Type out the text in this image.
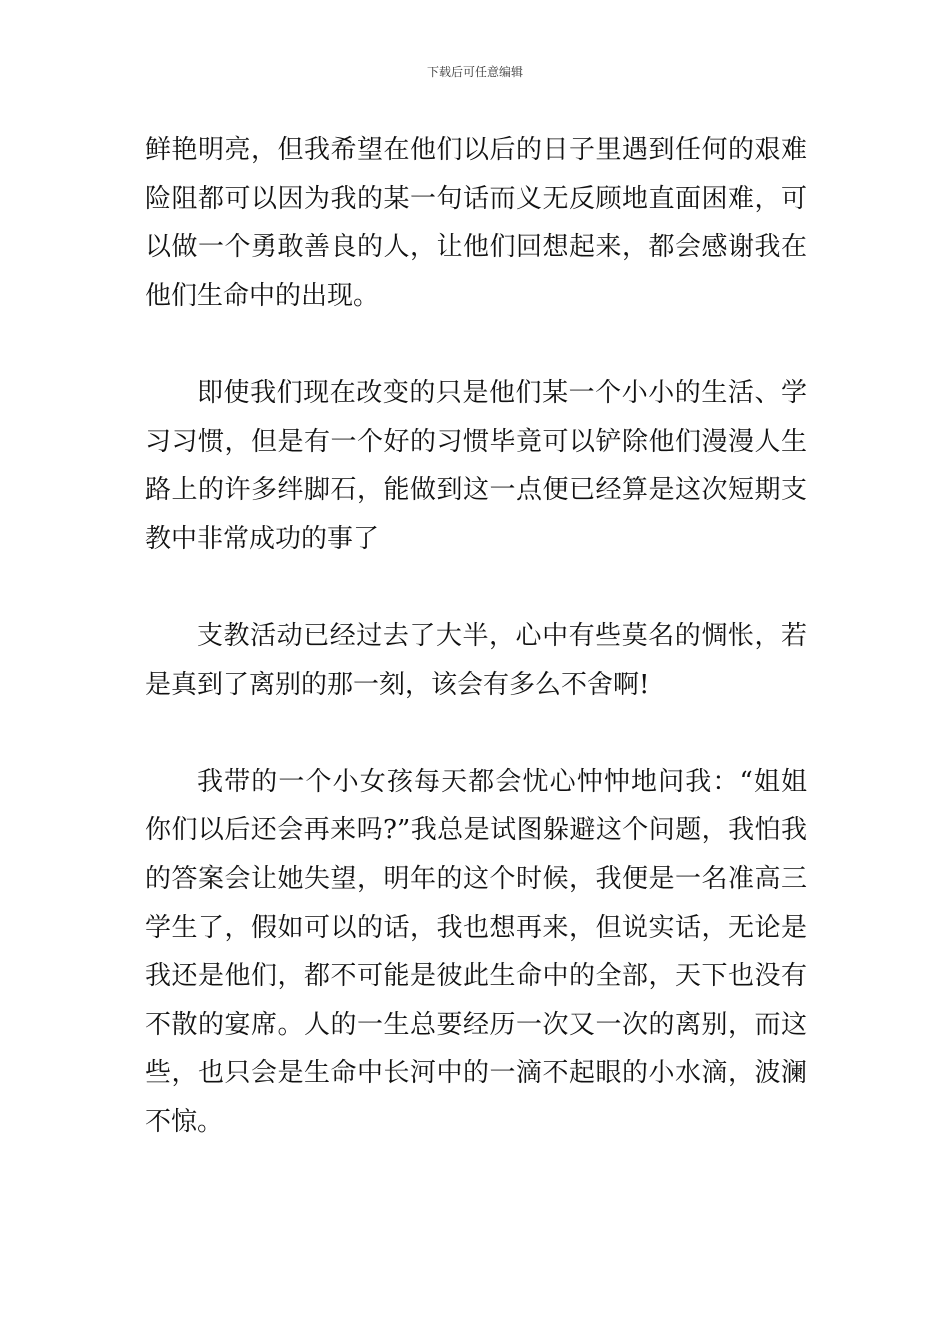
下载后可任意编辑

鲜艳明亮，但我希望在他们以后的日子里遇到任何的艰难险阻都可以因为我的某一句话而义无反顾地直面困难，可以做一个勇敢善良的人，让他们回想起来，都会感谢我在他们生命中的出现。

即使我们现在改变的只是他们某一个小小的生活、学习习惯，但是有一个好的习惯毕竟可以铲除他们漫漫人生路上的许多绊脚石，能做到这一点便已经算是这次短期支教中非常成功的事了

支教活动已经过去了大半，心中有些莫名的惆怅，若是真到了离别的那一刻，该会有多么不舍啊!

我带的一个小女孩每天都会忧心忡忡地问我：“姐姐你们以后还会再来吗?”我总是试图躲避这个问题，我怕我的答案会让她失望，明年的这个时候，我便是一名准高三学生了，假如可以的话，我也想再来，但说实话，无论是我还是他们，都不可能是彼此生命中的全部，天下也没有不散的宴席。人的一生总要经历一次又一次的离别，而这些，也只会是生命中长河中的一滴不起眼的小水滴，波澜不惊。
